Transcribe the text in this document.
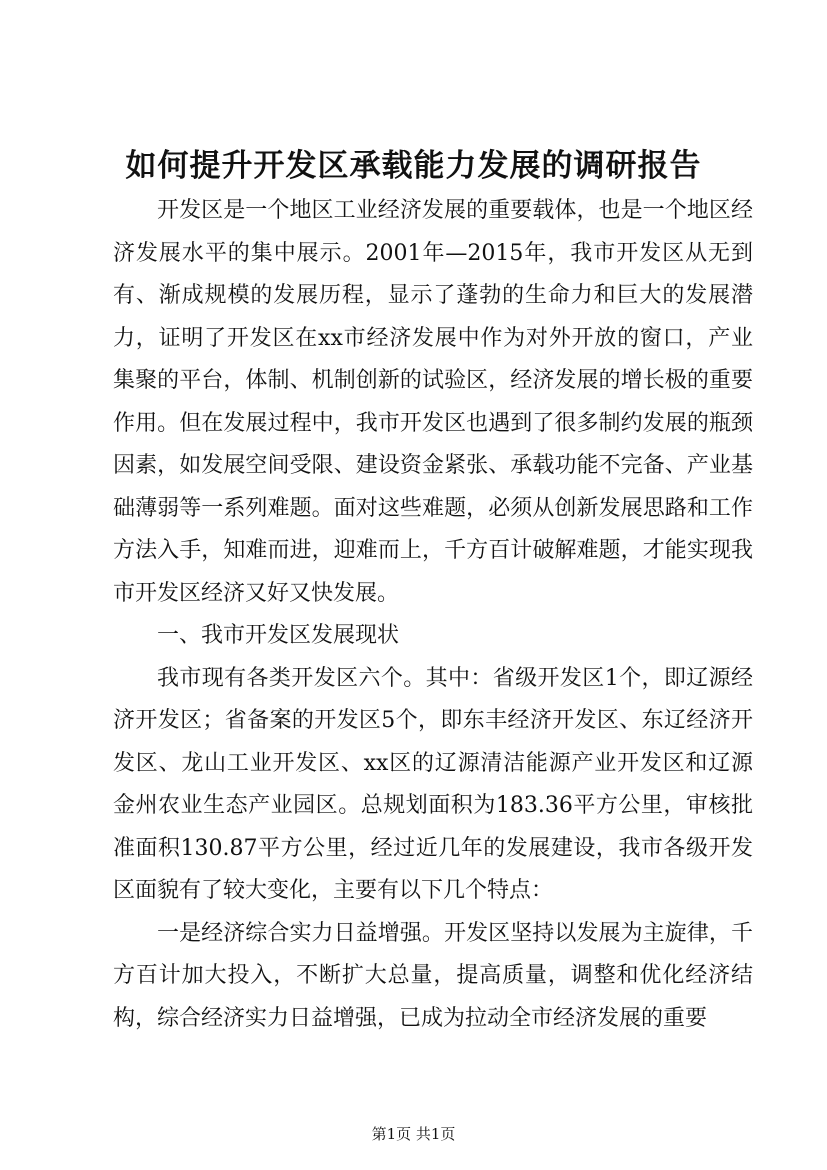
如何提升开发区承载能力发展的调研报告

开发区是一个地区工业经济发展的重要载体，也是一个地区经济发展水平的集中展示。2001年—2015年，我市开发区从无到有、渐成规模的发展历程，显示了蓬勃的生命力和巨大的发展潜力，证明了开发区在xx市经济发展中作为对外开放的窗口，产业集聚的平台，体制、机制创新的试验区，经济发展的增长极的重要作用。但在发展过程中，我市开发区也遇到了很多制约发展的瓶颈因素，如发展空间受限、建设资金紧张、承载功能不完备、产业基础薄弱等一系列难题。面对这些难题，必须从创新发展思路和工作方法入手，知难而进，迎难而上，千方百计破解难题，才能实现我市开发区经济又好又快发展。

一、我市开发区发展现状

我市现有各类开发区六个。其中：省级开发区1个，即辽源经济开发区；省备案的开发区5个，即东丰经济开发区、东辽经济开发区、龙山工业开发区、xx区的辽源清洁能源产业开发区和辽源金州农业生态产业园区。总规划面积为183.36平方公里，审核批准面积130.87平方公里，经过近几年的发展建设，我市各级开发区面貌有了较大变化，主要有以下几个特点：

一是经济综合实力日益增强。开发区坚持以发展为主旋律，千方百计加大投入，不断扩大总量，提高质量，调整和优化经济结构，综合经济实力日益增强，已成为拉动全市经济发展的重要

第1页 共1页
